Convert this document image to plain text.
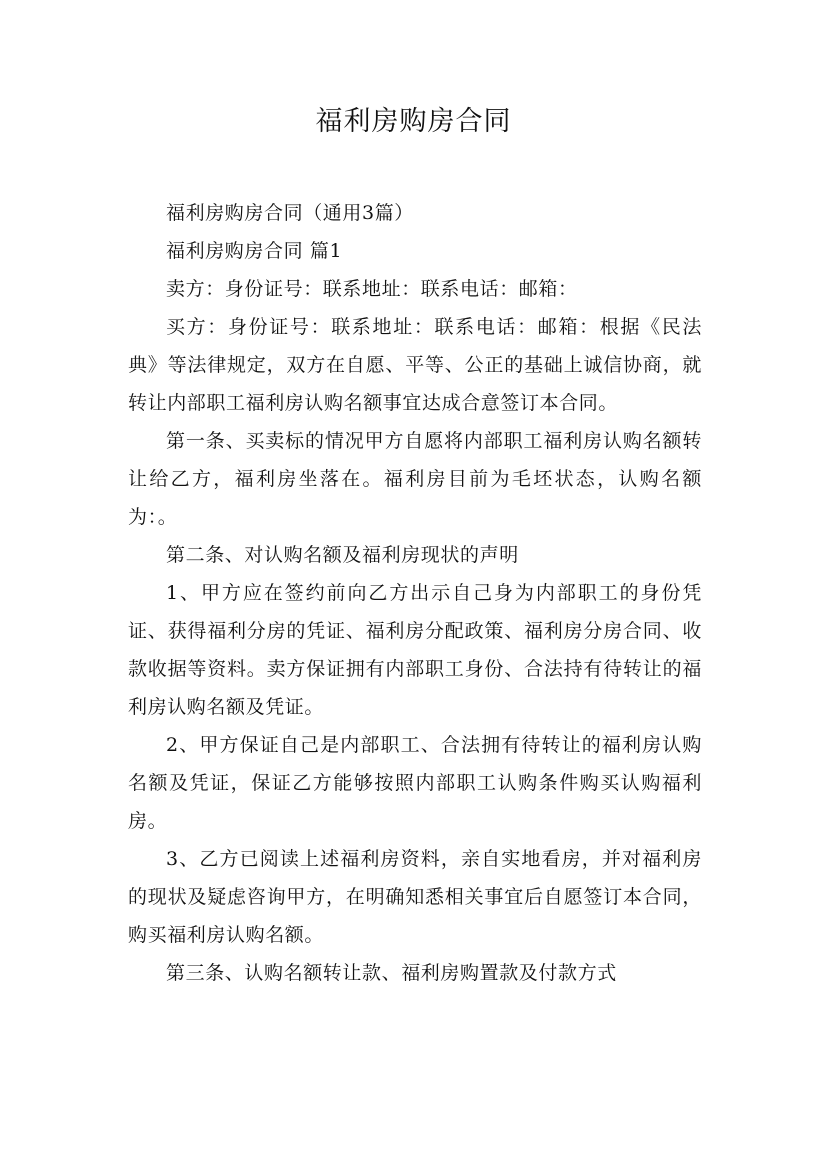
福利房购房合同

福利房购房合同（通用3篇）

福利房购房合同 篇1

卖方：身份证号：联系地址：联系电话：邮箱：

买方：身份证号：联系地址：联系电话：邮箱：根据《民法典》等法律规定，双方在自愿、平等、公正的基础上诚信协商，就转让内部职工福利房认购名额事宜达成合意签订本合同。

第一条、买卖标的情况甲方自愿将内部职工福利房认购名额转让给乙方，福利房坐落在。福利房目前为毛坯状态，认购名额为：。

第二条、对认购名额及福利房现状的声明

1、甲方应在签约前向乙方出示自己身为内部职工的身份凭证、获得福利分房的凭证、福利房分配政策、福利房分房合同、收款收据等资料。卖方保证拥有内部职工身份、合法持有待转让的福利房认购名额及凭证。

2、甲方保证自己是内部职工、合法拥有待转让的福利房认购名额及凭证，保证乙方能够按照内部职工认购条件购买认购福利房。

3、乙方已阅读上述福利房资料，亲自实地看房，并对福利房的现状及疑虑咨询甲方，在明确知悉相关事宜后自愿签订本合同，购买福利房认购名额。

第三条、认购名额转让款、福利房购置款及付款方式
